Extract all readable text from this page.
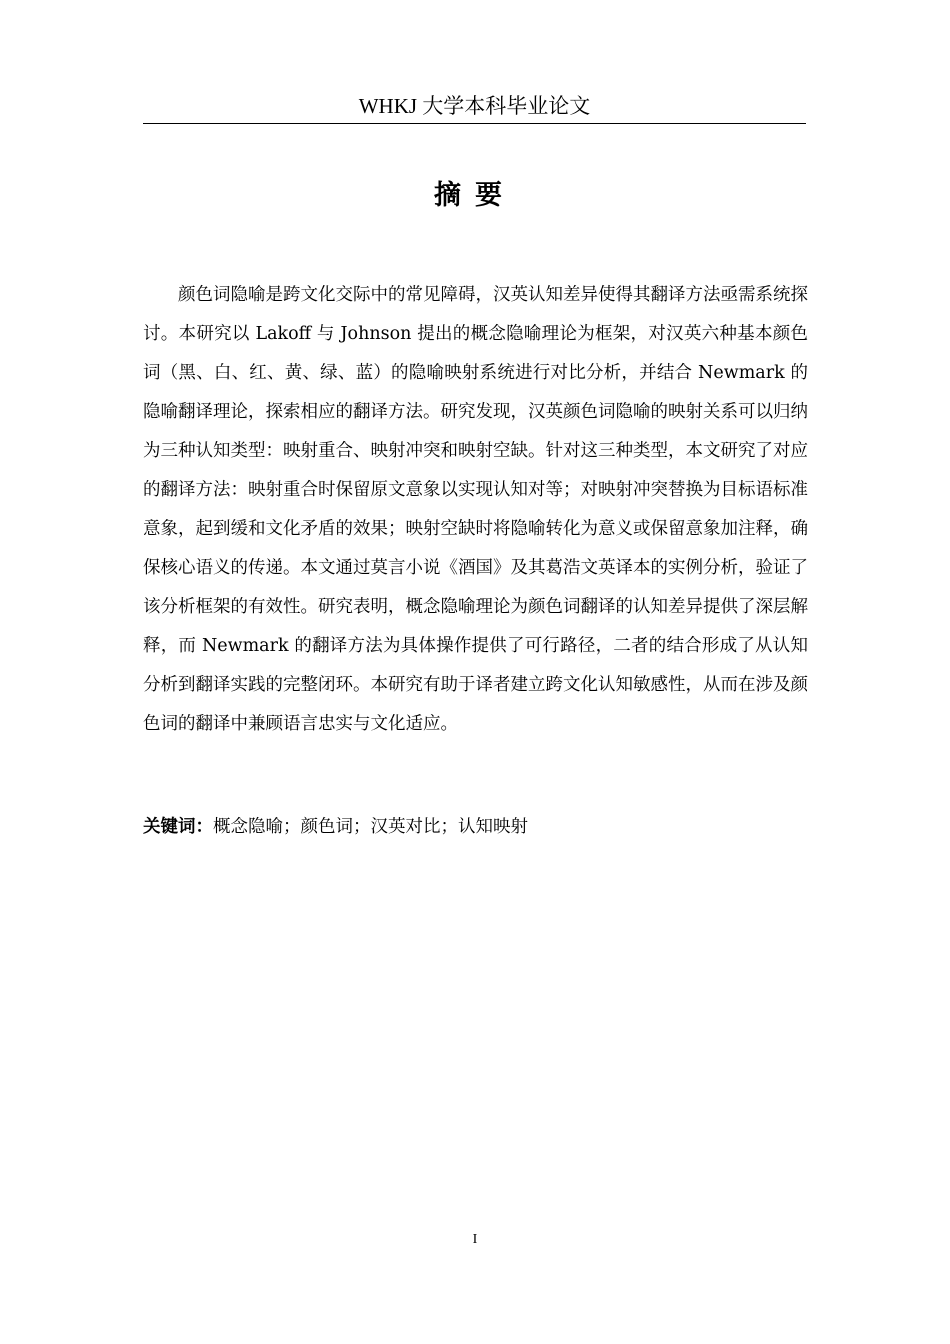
WHKJ 大学本科毕业论文
摘要
颜色词隐喻是跨文化交际中的常见障碍，汉英认知差异使得其翻译方法亟需系统探讨。本研究以 Lakoff 与 Johnson 提出的概念隐喻理论为框架，对汉英六种基本颜色词（黑、白、红、黄、绿、蓝）的隐喻映射系统进行对比分析，并结合 Newmark 的隐喻翻译理论，探索相应的翻译方法。研究发现，汉英颜色词隐喻的映射关系可以归纳为三种认知类型：映射重合、映射冲突和映射空缺。针对这三种类型，本文研究了对应的翻译方法：映射重合时保留原文意象以实现认知对等；对映射冲突替换为目标语标准意象，起到缓和文化矛盾的效果；映射空缺时将隐喻转化为意义或保留意象加注释，确保核心语义的传递。本文通过莫言小说《酒国》及其葛浩文英译本的实例分析，验证了该分析框架的有效性。研究表明，概念隐喻理论为颜色词翻译的认知差异提供了深层解释，而 Newmark 的翻译方法为具体操作提供了可行路径，二者的结合形成了从认知分析到翻译实践的完整闭环。本研究有助于译者建立跨文化认知敏感性，从而在涉及颜色词的翻译中兼顾语言忠实与文化适应。
关键词：概念隐喻；颜色词；汉英对比；认知映射
I
